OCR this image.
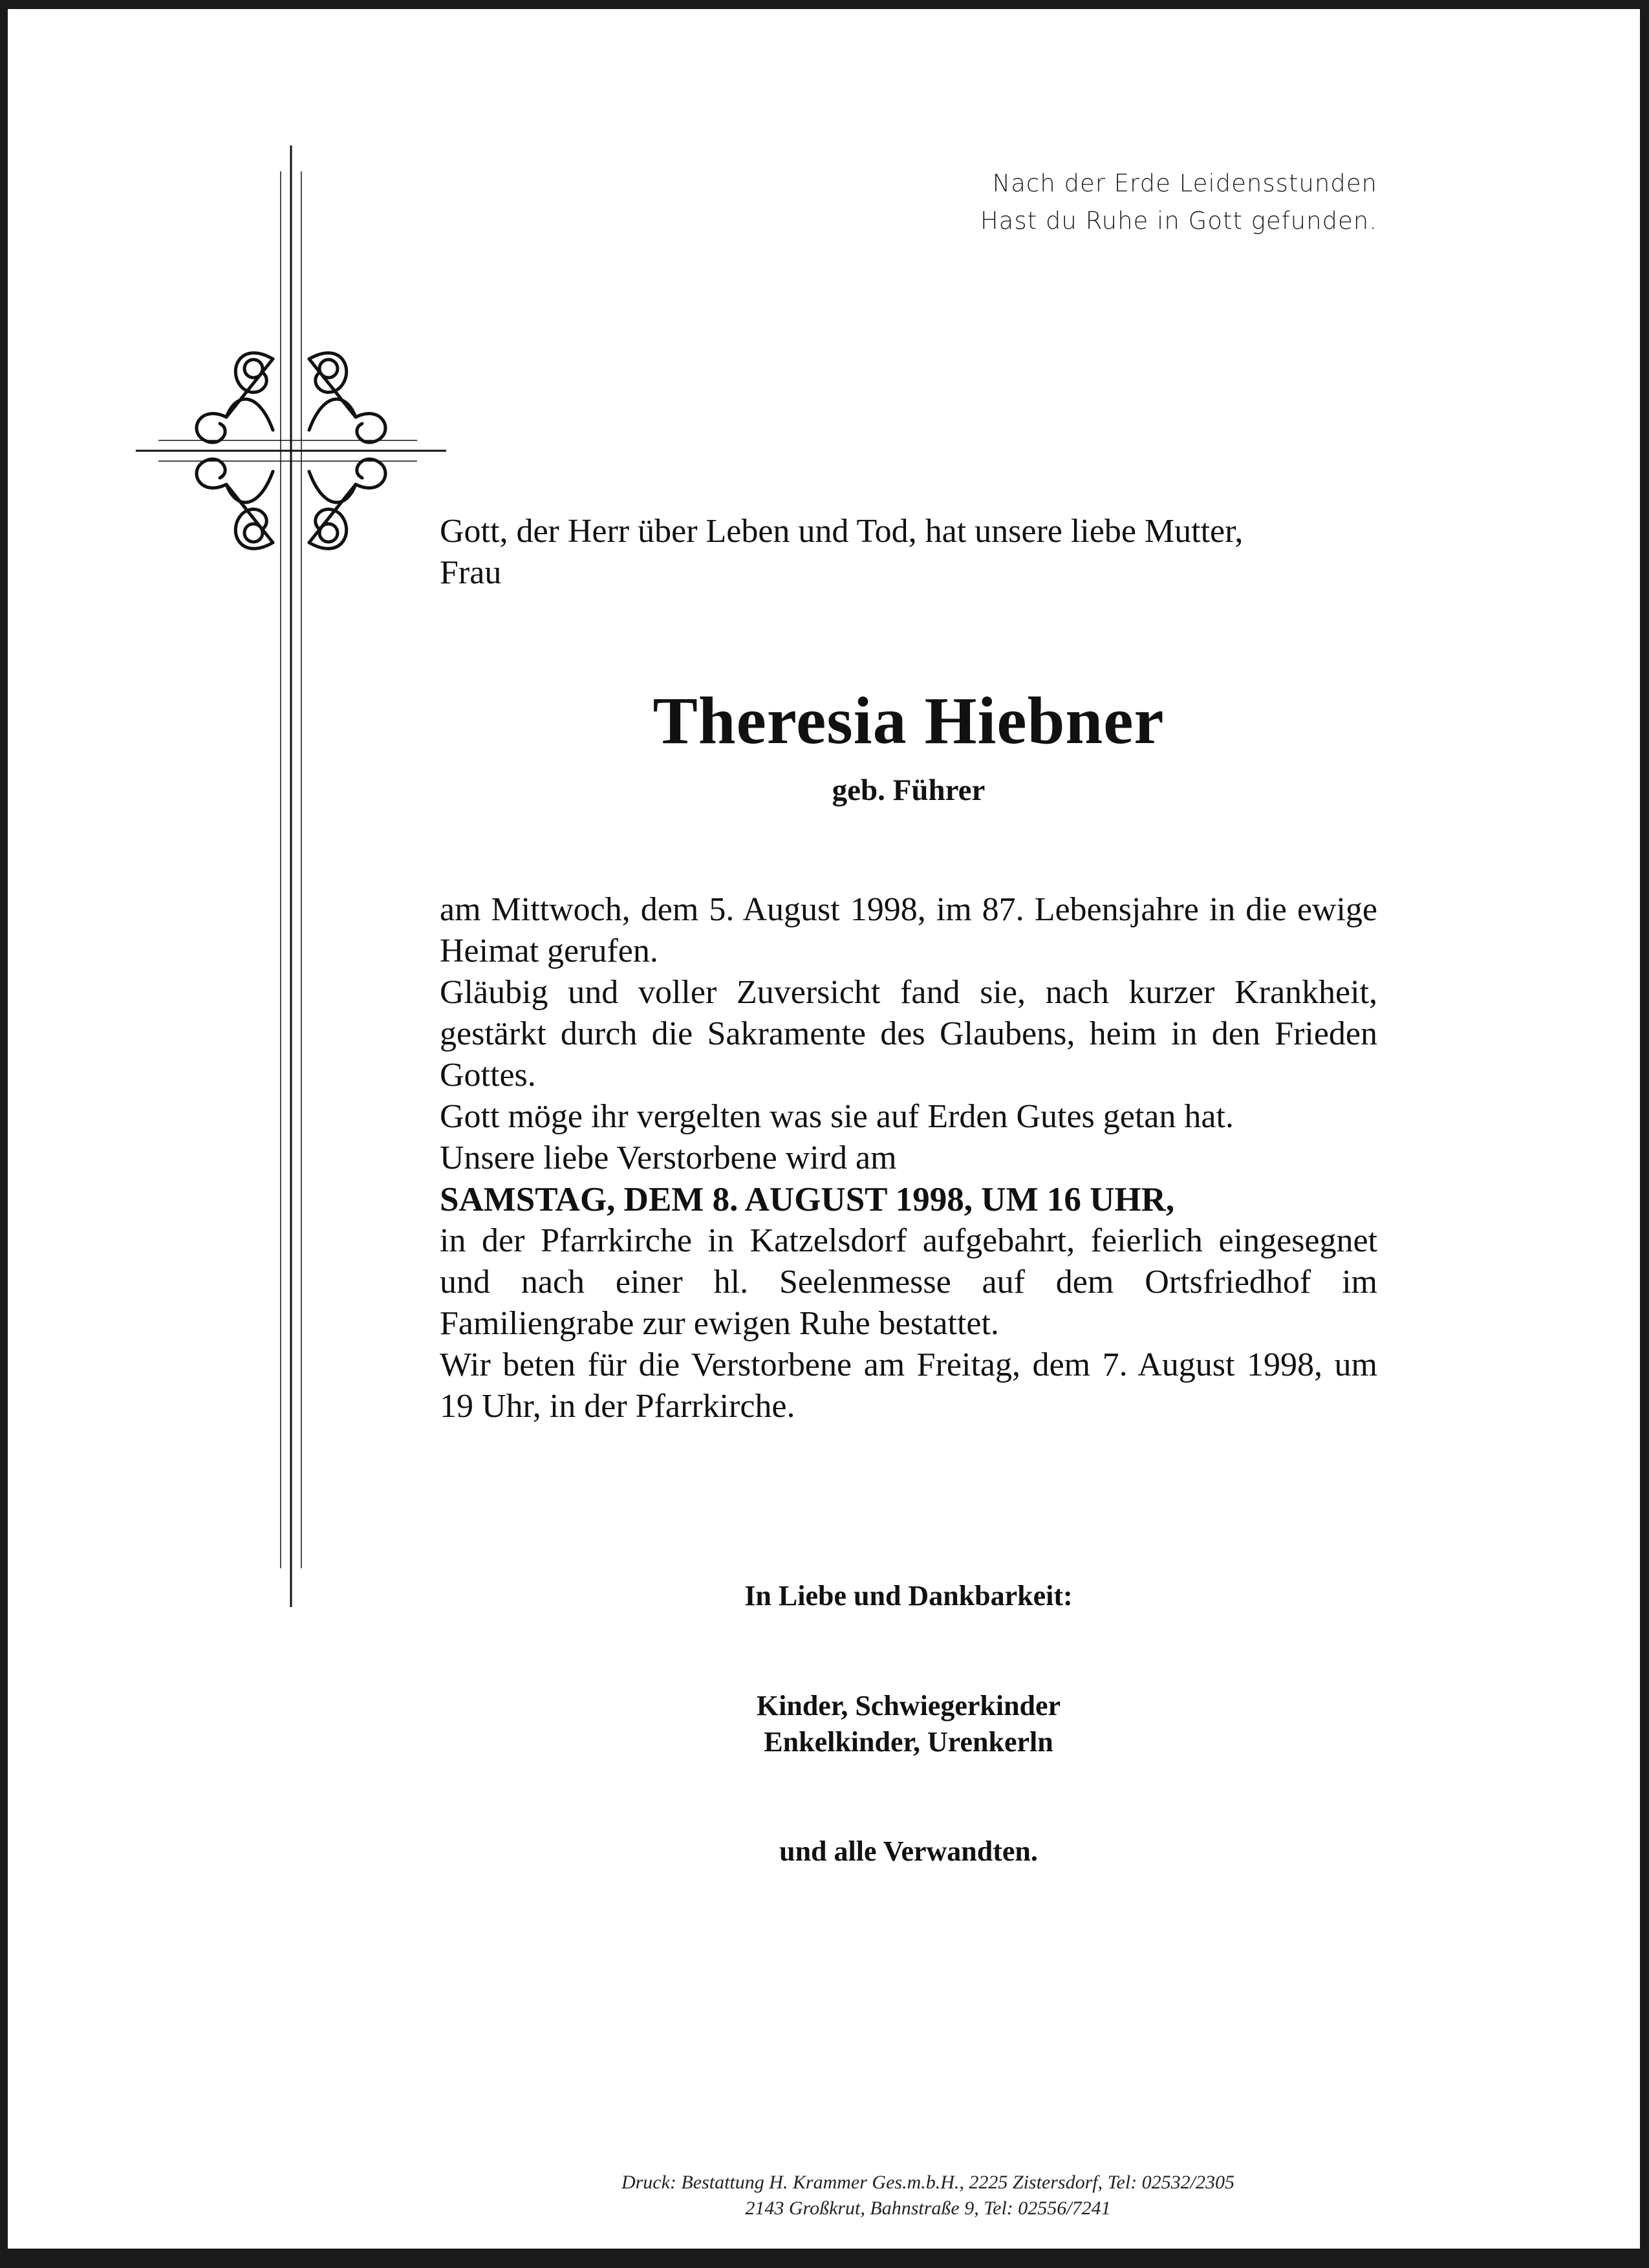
Nach der Erde Leidensstunden
Hast du Ruhe in Gott gefunden.
Gott, der Herr über Leben und Tod, hat unsere liebe Mutter,
Frau
Theresia Hiebner
geb. Führer

am Mittwoch, dem 5. August 1998, im 87. Lebensjahre in die ewige Heimat gerufen.

Gläubig und voller Zuversicht fand sie, nach kurzer Krankheit, gestärkt durch die Sakramente des Glaubens, heim in den Frieden Gottes.

Gott möge ihr vergelten was sie auf Erden Gutes getan hat.

Unsere liebe Verstorbene wird am

SAMSTAG, DEM 8. AUGUST 1998, UM 16 UHR,

in der Pfarrkirche in Katzelsdorf aufgebahrt, feierlich eingesegnet und nach einer hl. Seelenmesse auf dem Ortsfriedhof im Familiengrabe zur ewigen Ruhe bestattet.

Wir beten für die Verstorbene am Freitag, dem 7. August 1998, um 19 Uhr, in der Pfarrkirche.

In Liebe und Dankbarkeit:
Kinder, Schwiegerkinder
Enkelkinder, Urenkerln
und alle Verwandten.
Druck: Bestattung H. Krammer Ges.m.b.H., 2225 Zistersdorf, Tel: 02532/2305
2143 Großkrut, Bahnstraße 9, Tel: 02556/7241
